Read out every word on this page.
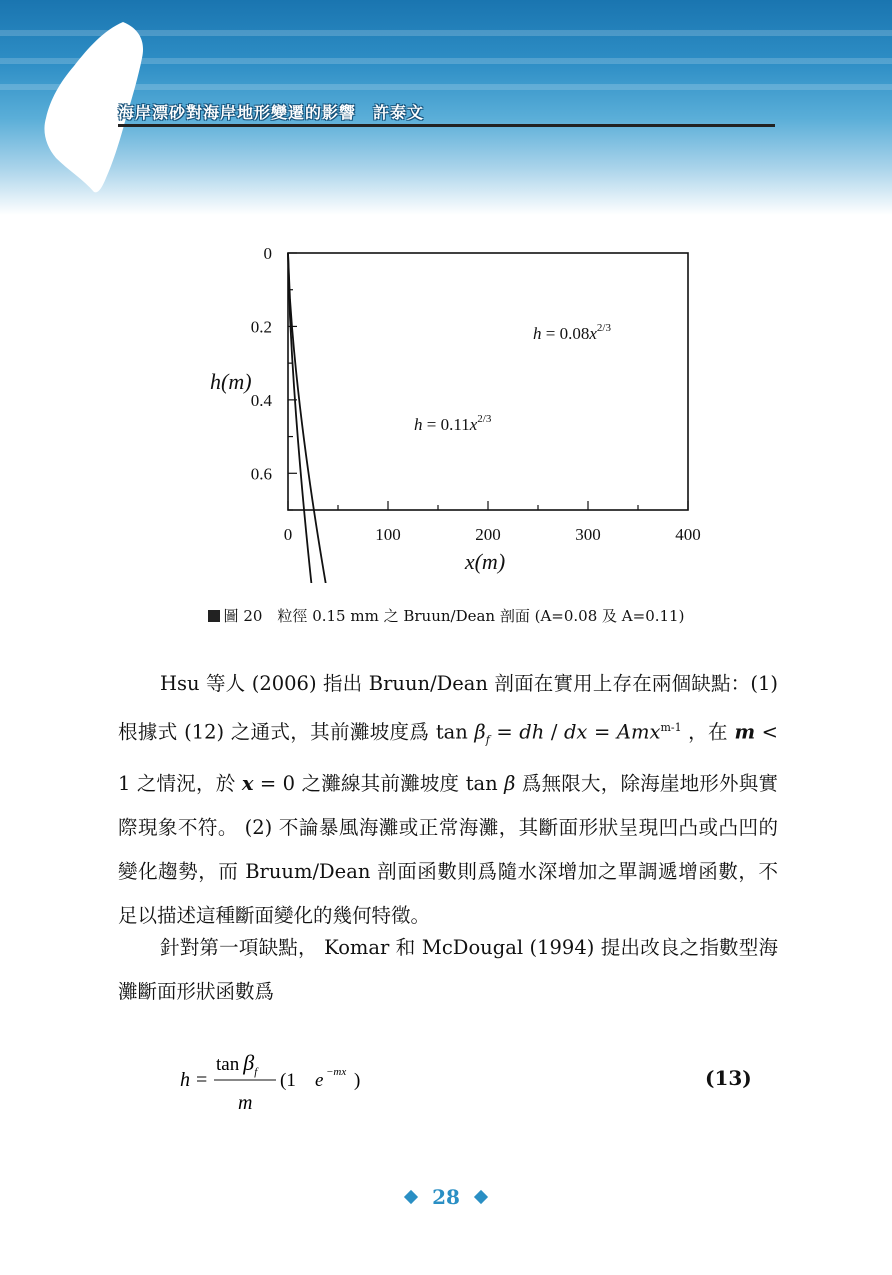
海岸漂砂對海岸地形變遷的影響　許泰文
0	100	200	300	400
0
0.2
0.4
0.6
h(m)
x(m)
$h = 0.08x^{2/3}$
$h = 0.11x^{2/3}$
圖 20　 粒徑 0.15 mm 之 Bruun/Dean 剖面 (A=0.08 及 A=0.11)

Hsu 等人 (2006) 指出 Bruun/Dean 剖面在實用上存在兩個缺點：(1) 根據式 (12) 之通式，其前灘坡度爲 $\tan \beta_f$ = dh / dx = Amx$^{m-1}$ ，在 m < 1 之情況，於 x = 0 之灘線其前灘坡度 tan β 爲無限大，除海崖地形外與實際現象不符。 (2) 不論暴風海灘或正常海灘，其斷面形狀呈現凹凸或凸凹的變化趨勢，而 Bruum/Dean 剖面函數則爲隨水深增加之單調遞增函數，不足以描述這種斷面變化的幾何特徵。

針對第一項缺點， Komar 和 McDougal (1994) 提出改良之指數型海灘斷面形狀函數爲

h =
$\tan \beta_f$
m
(1 e −mx )	(13)
28
